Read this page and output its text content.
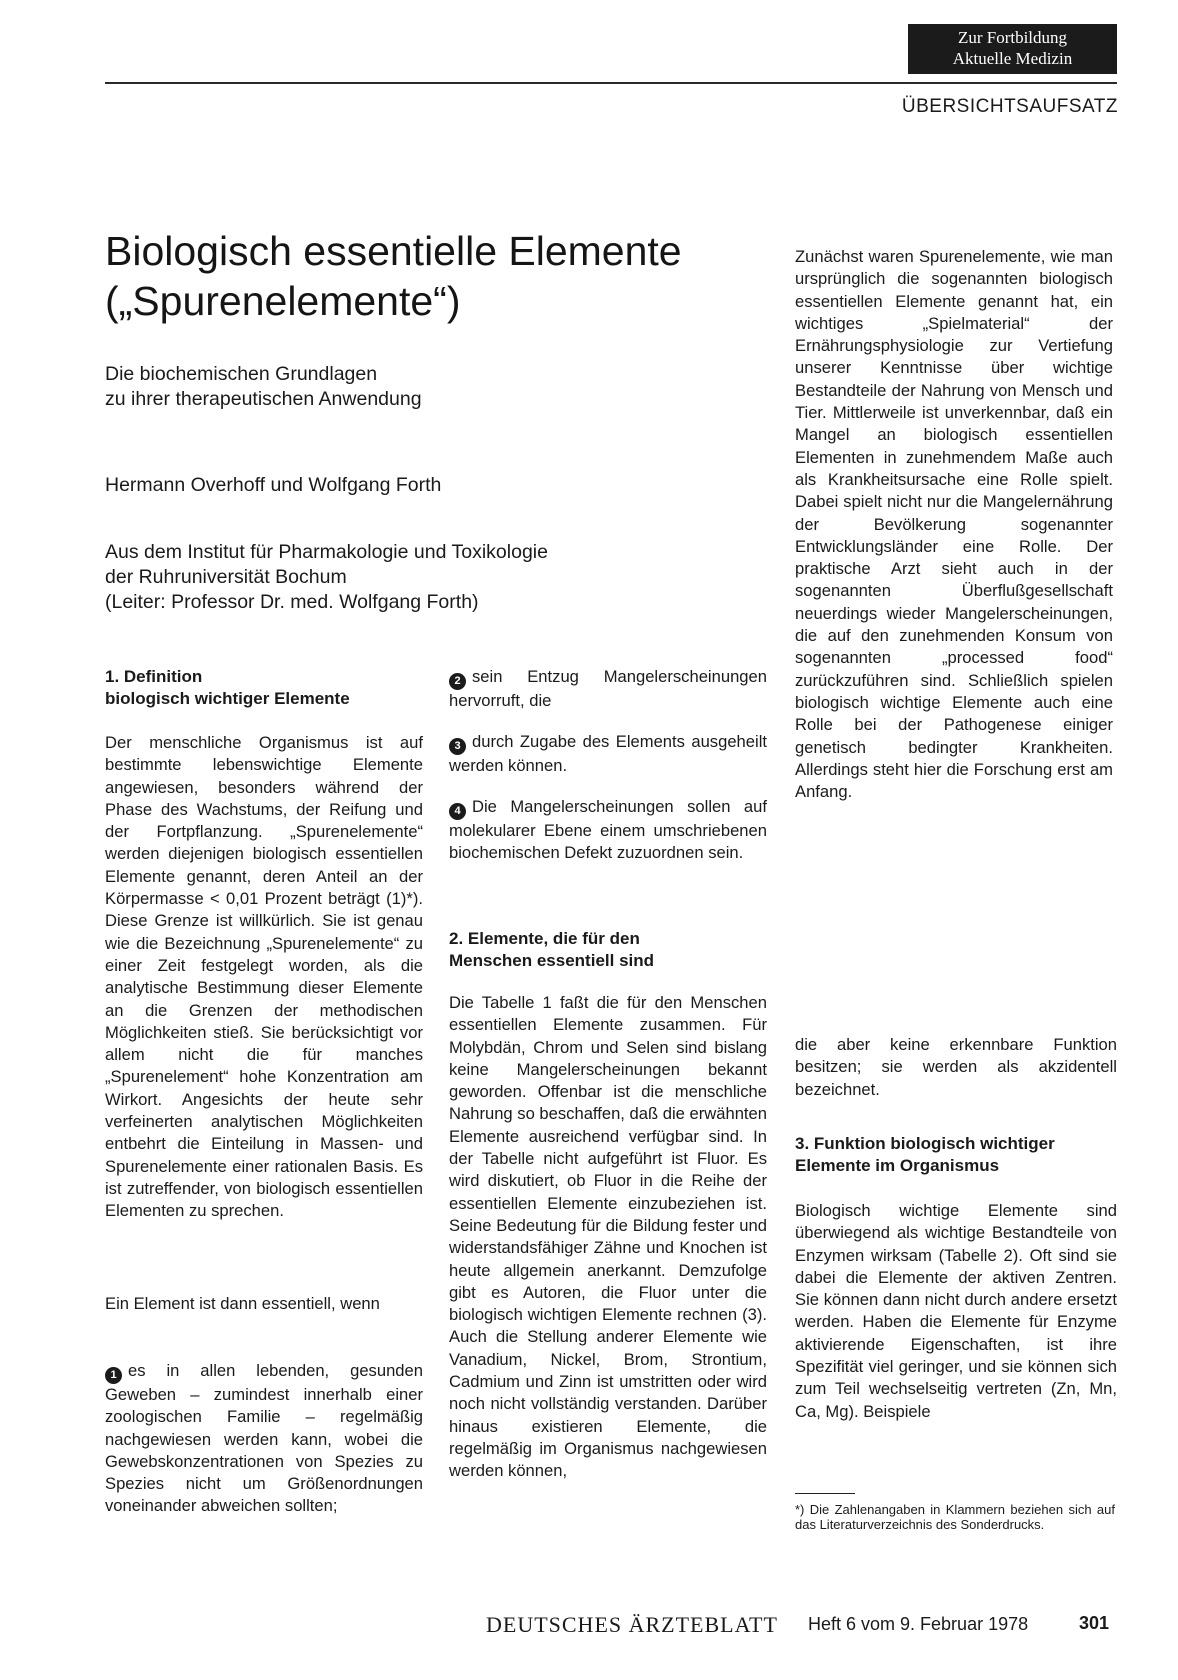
Zur Fortbildung
Aktuelle Medizin
ÜBERSICHTSAUFSATZ
Biologisch essentielle Elemente
(„Spurenelemente“)
Die biochemischen Grundlagen
zu ihrer therapeutischen Anwendung
Hermann Overhoff und Wolfgang Forth
Aus dem Institut für Pharmakologie und Toxikologie
der Ruhruniversität Bochum
(Leiter: Professor Dr. med. Wolfgang Forth)

Zunächst waren Spurenelemente, wie man ursprünglich die sogenannten biologisch essentiellen Elemente genannt hat, ein wichtiges „Spielmaterial“ der Ernährungsphysiologie zur Vertiefung unserer Kenntnisse über wichtige Bestandteile der Nahrung von Mensch und Tier. Mittlerweile ist unverkennbar, daß ein Mangel an biologisch essentiellen Elementen in zunehmendem Maße auch als Krankheitsursache eine Rolle spielt. Dabei spielt nicht nur die Mangelernährung der Bevölkerung sogenannter Entwicklungsländer eine Rolle. Der praktische Arzt sieht auch in der sogenannten Überflußgesellschaft neuerdings wieder Mangelerscheinungen, die auf den zunehmenden Konsum von sogenannten „processed food“ zurückzuführen sind. Schließlich spielen biologisch wichtige Elemente auch eine Rolle bei der Pathogenese einiger genetisch bedingter Krankheiten. Allerdings steht hier die Forschung erst am Anfang.

1. Definition
biologisch wichtiger Elemente

Der menschliche Organismus ist auf bestimmte lebenswichtige Elemente angewiesen, besonders während der Phase des Wachstums, der Reifung und der Fortpflanzung. „Spurenelemente“ werden diejenigen biologisch essentiellen Elemente genannt, deren Anteil an der Körpermasse < 0,01 Prozent beträgt (1)*). Diese Grenze ist willkürlich. Sie ist genau wie die Bezeichnung „Spurenelemente“ zu einer Zeit festgelegt worden, als die analytische Bestimmung dieser Elemente an die Grenzen der methodischen Möglichkeiten stieß. Sie berücksichtigt vor allem nicht die für manches „Spurenelement“ hohe Konzentration am Wirkort. Angesichts der heute sehr verfeinerten analytischen Möglichkeiten entbehrt die Einteilung in Massen- und Spurenelemente einer rationalen Basis. Es ist zutreffender, von biologisch essentiellen Elementen zu sprechen.

Ein Element ist dann essentiell, wenn

1 es in allen lebenden, gesunden Geweben – zumindest innerhalb einer zoologischen Familie – regelmäßig nachgewiesen werden kann, wobei die Gewebskonzentrationen von Spezies zu Spezies nicht um Größenordnungen voneinander abweichen sollten;

2 sein Entzug Mangelerscheinungen hervorruft, die

3 durch Zugabe des Elements ausgeheilt werden können.

4 Die Mangelerscheinungen sollen auf molekularer Ebene einem umschriebenen biochemischen Defekt zuzuordnen sein.

2. Elemente, die für den
Menschen essentiell sind

Die Tabelle 1 faßt die für den Menschen essentiellen Elemente zusammen. Für Molybdän, Chrom und Selen sind bislang keine Mangelerscheinungen bekannt geworden. Offenbar ist die menschliche Nahrung so beschaffen, daß die erwähnten Elemente ausreichend verfügbar sind. In der Tabelle nicht aufgeführt ist Fluor. Es wird diskutiert, ob Fluor in die Reihe der essentiellen Elemente einzubeziehen ist. Seine Bedeutung für die Bildung fester und widerstandsfähiger Zähne und Knochen ist heute allgemein anerkannt. Demzufolge gibt es Autoren, die Fluor unter die biologisch wichtigen Elemente rechnen (3). Auch die Stellung anderer Elemente wie Vanadium, Nickel, Brom, Strontium, Cadmium und Zinn ist umstritten oder wird noch nicht vollständig verstanden. Darüber hinaus existieren Elemente, die regelmäßig im Organismus nachgewiesen werden können,

die aber keine erkennbare Funktion besitzen; sie werden als akzidentell bezeichnet.

3. Funktion biologisch wichtiger
Elemente im Organismus

Biologisch wichtige Elemente sind überwiegend als wichtige Bestandteile von Enzymen wirksam (Tabelle 2). Oft sind sie dabei die Elemente der aktiven Zentren. Sie können dann nicht durch andere ersetzt werden. Haben die Elemente für Enzyme aktivierende Eigenschaften, ist ihre Spezifität viel geringer, und sie können sich zum Teil wechselseitig vertreten (Zn, Mn, Ca, Mg). Beispiele

*) Die Zahlenangaben in Klammern beziehen sich auf das Literaturverzeichnis des Sonderdrucks.
DEUTSCHES ÄRZTEBLATT Heft 6 vom 9. Februar 1978	301
